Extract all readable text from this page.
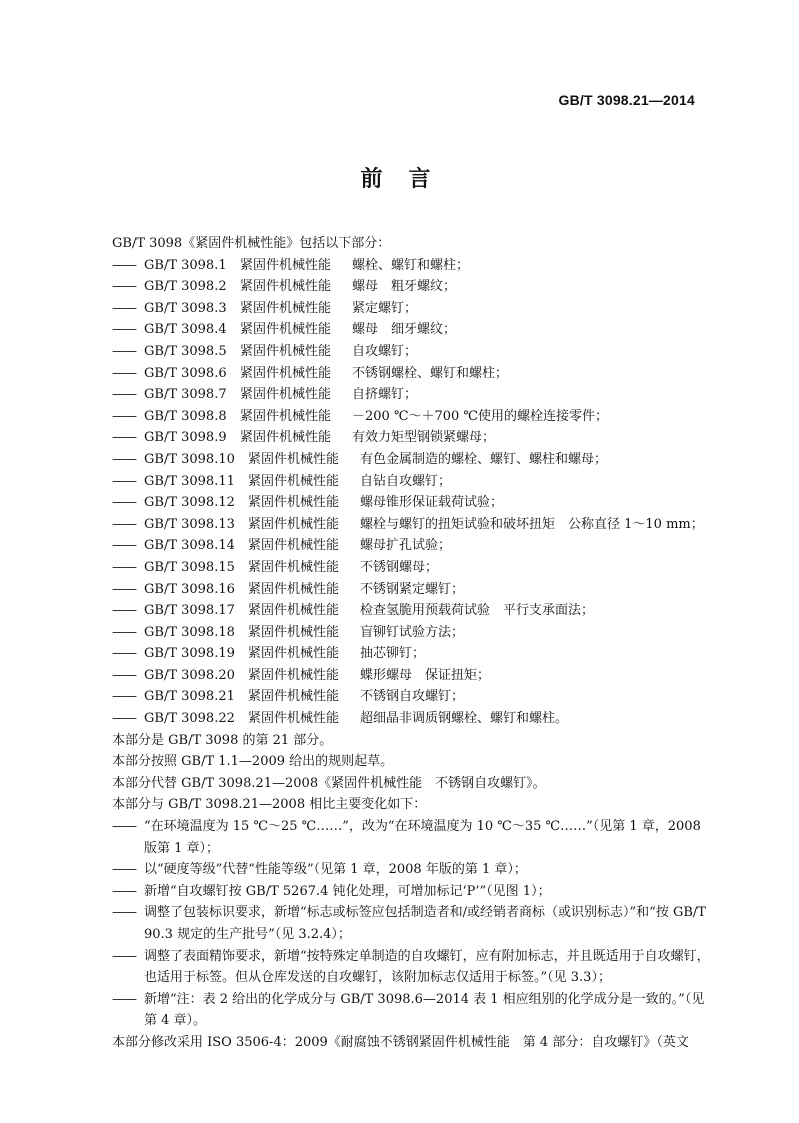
GB/T 3098.21—2014
前言
GB/T 3098《紧固件机械性能》包括以下部分：
—— GB/T 3098.1	紧固件机械性能	螺栓、螺钉和螺柱；
—— GB/T 3098.2	紧固件机械性能	螺母　粗牙螺纹；
—— GB/T 3098.3	紧固件机械性能	紧定螺钉；
—— GB/T 3098.4	紧固件机械性能	螺母　细牙螺纹；
—— GB/T 3098.5	紧固件机械性能	自攻螺钉；
—— GB/T 3098.6	紧固件机械性能	不锈钢螺栓、螺钉和螺柱；
—— GB/T 3098.7	紧固件机械性能	自挤螺钉；
—— GB/T 3098.8	紧固件机械性能	－200 ℃～＋700 ℃使用的螺栓连接零件；
—— GB/T 3098.9	紧固件机械性能	有效力矩型钢锁紧螺母；
—— GB/T 3098.10	紧固件机械性能	有色金属制造的螺栓、螺钉、螺柱和螺母；
—— GB/T 3098.11	紧固件机械性能	自钻自攻螺钉；
—— GB/T 3098.12	紧固件机械性能	螺母锥形保证载荷试验；
—— GB/T 3098.13	紧固件机械性能	螺栓与螺钉的扭矩试验和破坏扭矩　公称直径 1～10 mm；
—— GB/T 3098.14	紧固件机械性能	螺母扩孔试验；
—— GB/T 3098.15	紧固件机械性能	不锈钢螺母；
—— GB/T 3098.16	紧固件机械性能	不锈钢紧定螺钉；
—— GB/T 3098.17	紧固件机械性能	检查氢脆用预载荷试验　平行支承面法；
—— GB/T 3098.18	紧固件机械性能	盲铆钉试验方法；
—— GB/T 3098.19	紧固件机械性能	抽芯铆钉；
—— GB/T 3098.20	紧固件机械性能	蝶形螺母　保证扭矩；
—— GB/T 3098.21	紧固件机械性能	不锈钢自攻螺钉；
—— GB/T 3098.22	紧固件机械性能	超细晶非调质钢螺栓、螺钉和螺柱。
本部分是 GB/T 3098 的第 21 部分。
本部分按照 GB/T 1.1—2009 给出的规则起草。
本部分代替 GB/T 3098.21—2008《紧固件机械性能　不锈钢自攻螺钉》。
本部分与 GB/T 3098.21—2008 相比主要变化如下：
—— “在环境温度为 15 ℃～25 ℃……”，改为“在环境温度为 10 ℃～35 ℃……”（见第 1 章，2008 版第 1 章）；
—— 以“硬度等级”代替“性能等级”（见第 1 章，2008 年版的第 1 章）；
—— 新增“自攻螺钉按 GB/T 5267.4 钝化处理，可增加标记‘P’”（见图 1）；
—— 调整了包装标识要求，新增“标志或标签应包括制造者和/或经销者商标（或识别标志）”和“按 GB/T 90.3 规定的生产批号”（见 3.2.4）；
—— 调整了表面精饰要求，新增“按特殊定单制造的自攻螺钉，应有附加标志，并且既适用于自攻螺钉，也适用于标签。但从仓库发送的自攻螺钉，该附加标志仅适用于标签。”（见 3.3）；
—— 新增“注：表 2 给出的化学成分与 GB/T 3098.6—2014 表 1 相应组别的化学成分是一致的。”（见第 4 章）。
本部分修改采用 ISO 3506-4：2009《耐腐蚀不锈钢紧固件机械性能　第 4 部分：自攻螺钉》（英文
